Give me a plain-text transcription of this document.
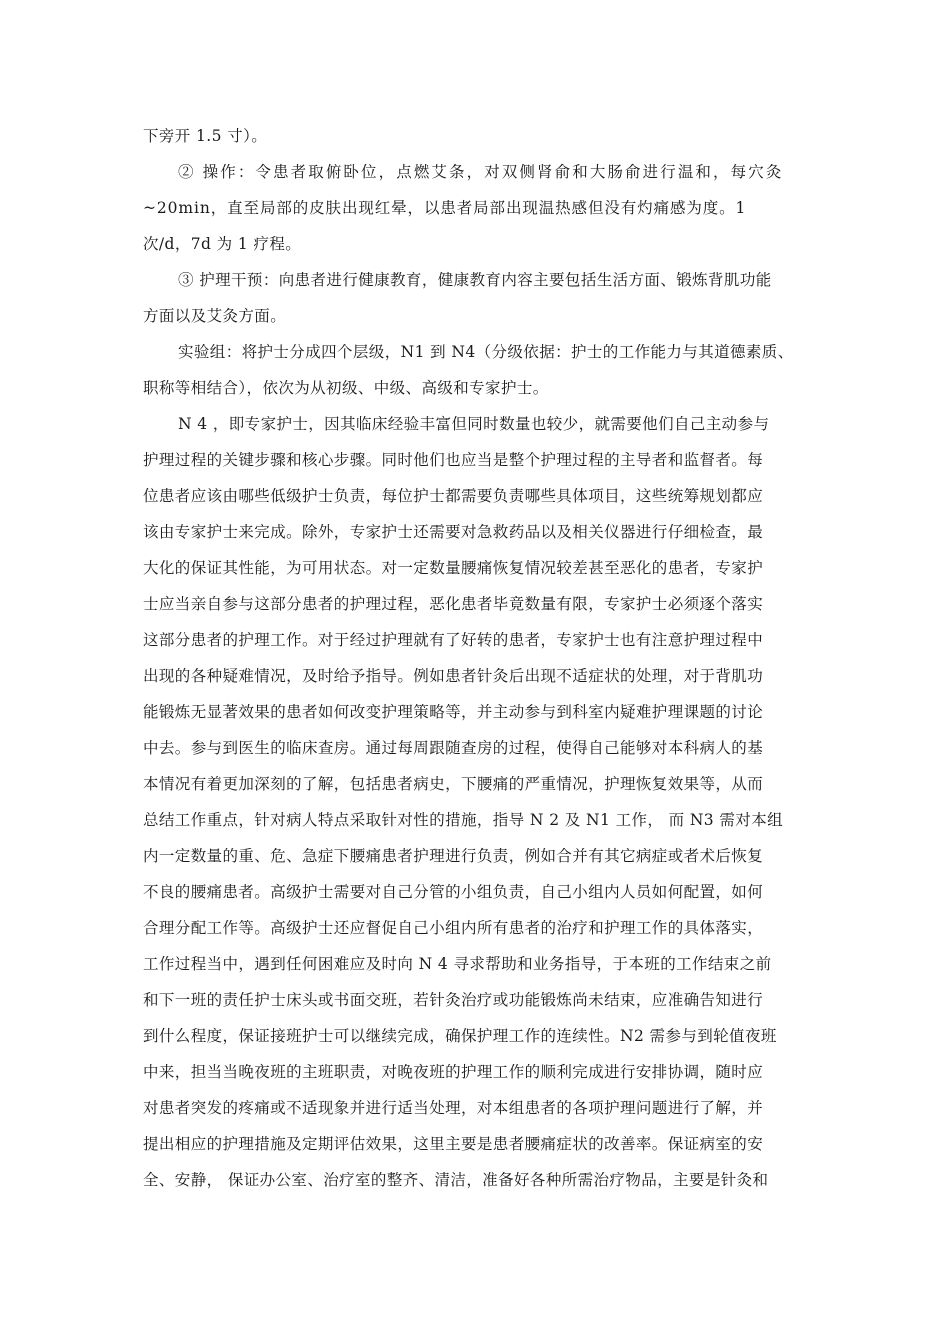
下旁开 1.5 寸）。
② 操作：令患者取俯卧位，点燃艾条，对双侧肾俞和大肠俞进行温和，每穴灸
~20min，直至局部的皮肤出现红晕，以患者局部出现温热感但没有灼痛感为度。1
次/d，7d 为 1 疗程。
③ 护理干预：向患者进行健康教育，健康教育内容主要包括生活方面、锻炼背肌功能
方面以及艾灸方面。
实验组：将护士分成四个层级，N1 到 N4（分级依据：护士的工作能力与其道德素质、
职称等相结合），依次为从初级、中级、高级和专家护士。
N 4 ，即专家护士，因其临床经验丰富但同时数量也较少，就需要他们自己主动参与
护理过程的关键步骤和核心步骤。同时他们也应当是整个护理过程的主导者和监督者。每
位患者应该由哪些低级护士负责，每位护士都需要负责哪些具体项目，这些统筹规划都应
该由专家护士来完成。除外，专家护士还需要对急救药品以及相关仪器进行仔细检查，最
大化的保证其性能，为可用状态。对一定数量腰痛恢复情况较差甚至恶化的患者，专家护
士应当亲自参与这部分患者的护理过程，恶化患者毕竟数量有限，专家护士必须逐个落实
这部分患者的护理工作。对于经过护理就有了好转的患者，专家护士也有注意护理过程中
出现的各种疑难情况，及时给予指导。例如患者针灸后出现不适症状的处理，对于背肌功
能锻炼无显著效果的患者如何改变护理策略等，并主动参与到科室内疑难护理课题的讨论
中去。参与到医生的临床查房。通过每周跟随查房的过程，使得自己能够对本科病人的基
本情况有着更加深刻的了解，包括患者病史，下腰痛的严重情况，护理恢复效果等，从而
总结工作重点，针对病人特点采取针对性的措施，指导 N 2 及 N1 工作， 而 N3 需对本组
内一定数量的重、危、急症下腰痛患者护理进行负责，例如合并有其它病症或者术后恢复
不良的腰痛患者。高级护士需要对自己分管的小组负责，自己小组内人员如何配置，如何
合理分配工作等。高级护士还应督促自己小组内所有患者的治疗和护理工作的具体落实，
工作过程当中，遇到任何困难应及时向 N 4 寻求帮助和业务指导，于本班的工作结束之前
和下一班的责任护士床头或书面交班，若针灸治疗或功能锻炼尚未结束，应准确告知进行
到什么程度，保证接班护士可以继续完成，确保护理工作的连续性。N2 需参与到轮值夜班
中来，担当当晚夜班的主班职责，对晚夜班的护理工作的顺利完成进行安排协调，随时应
对患者突发的疼痛或不适现象并进行适当处理，对本组患者的各项护理问题进行了解，并
提出相应的护理措施及定期评估效果，这里主要是患者腰痛症状的改善率。保证病室的安
全、安静， 保证办公室、治疗室的整齐、清洁，准备好各种所需治疗物品，主要是针灸和
